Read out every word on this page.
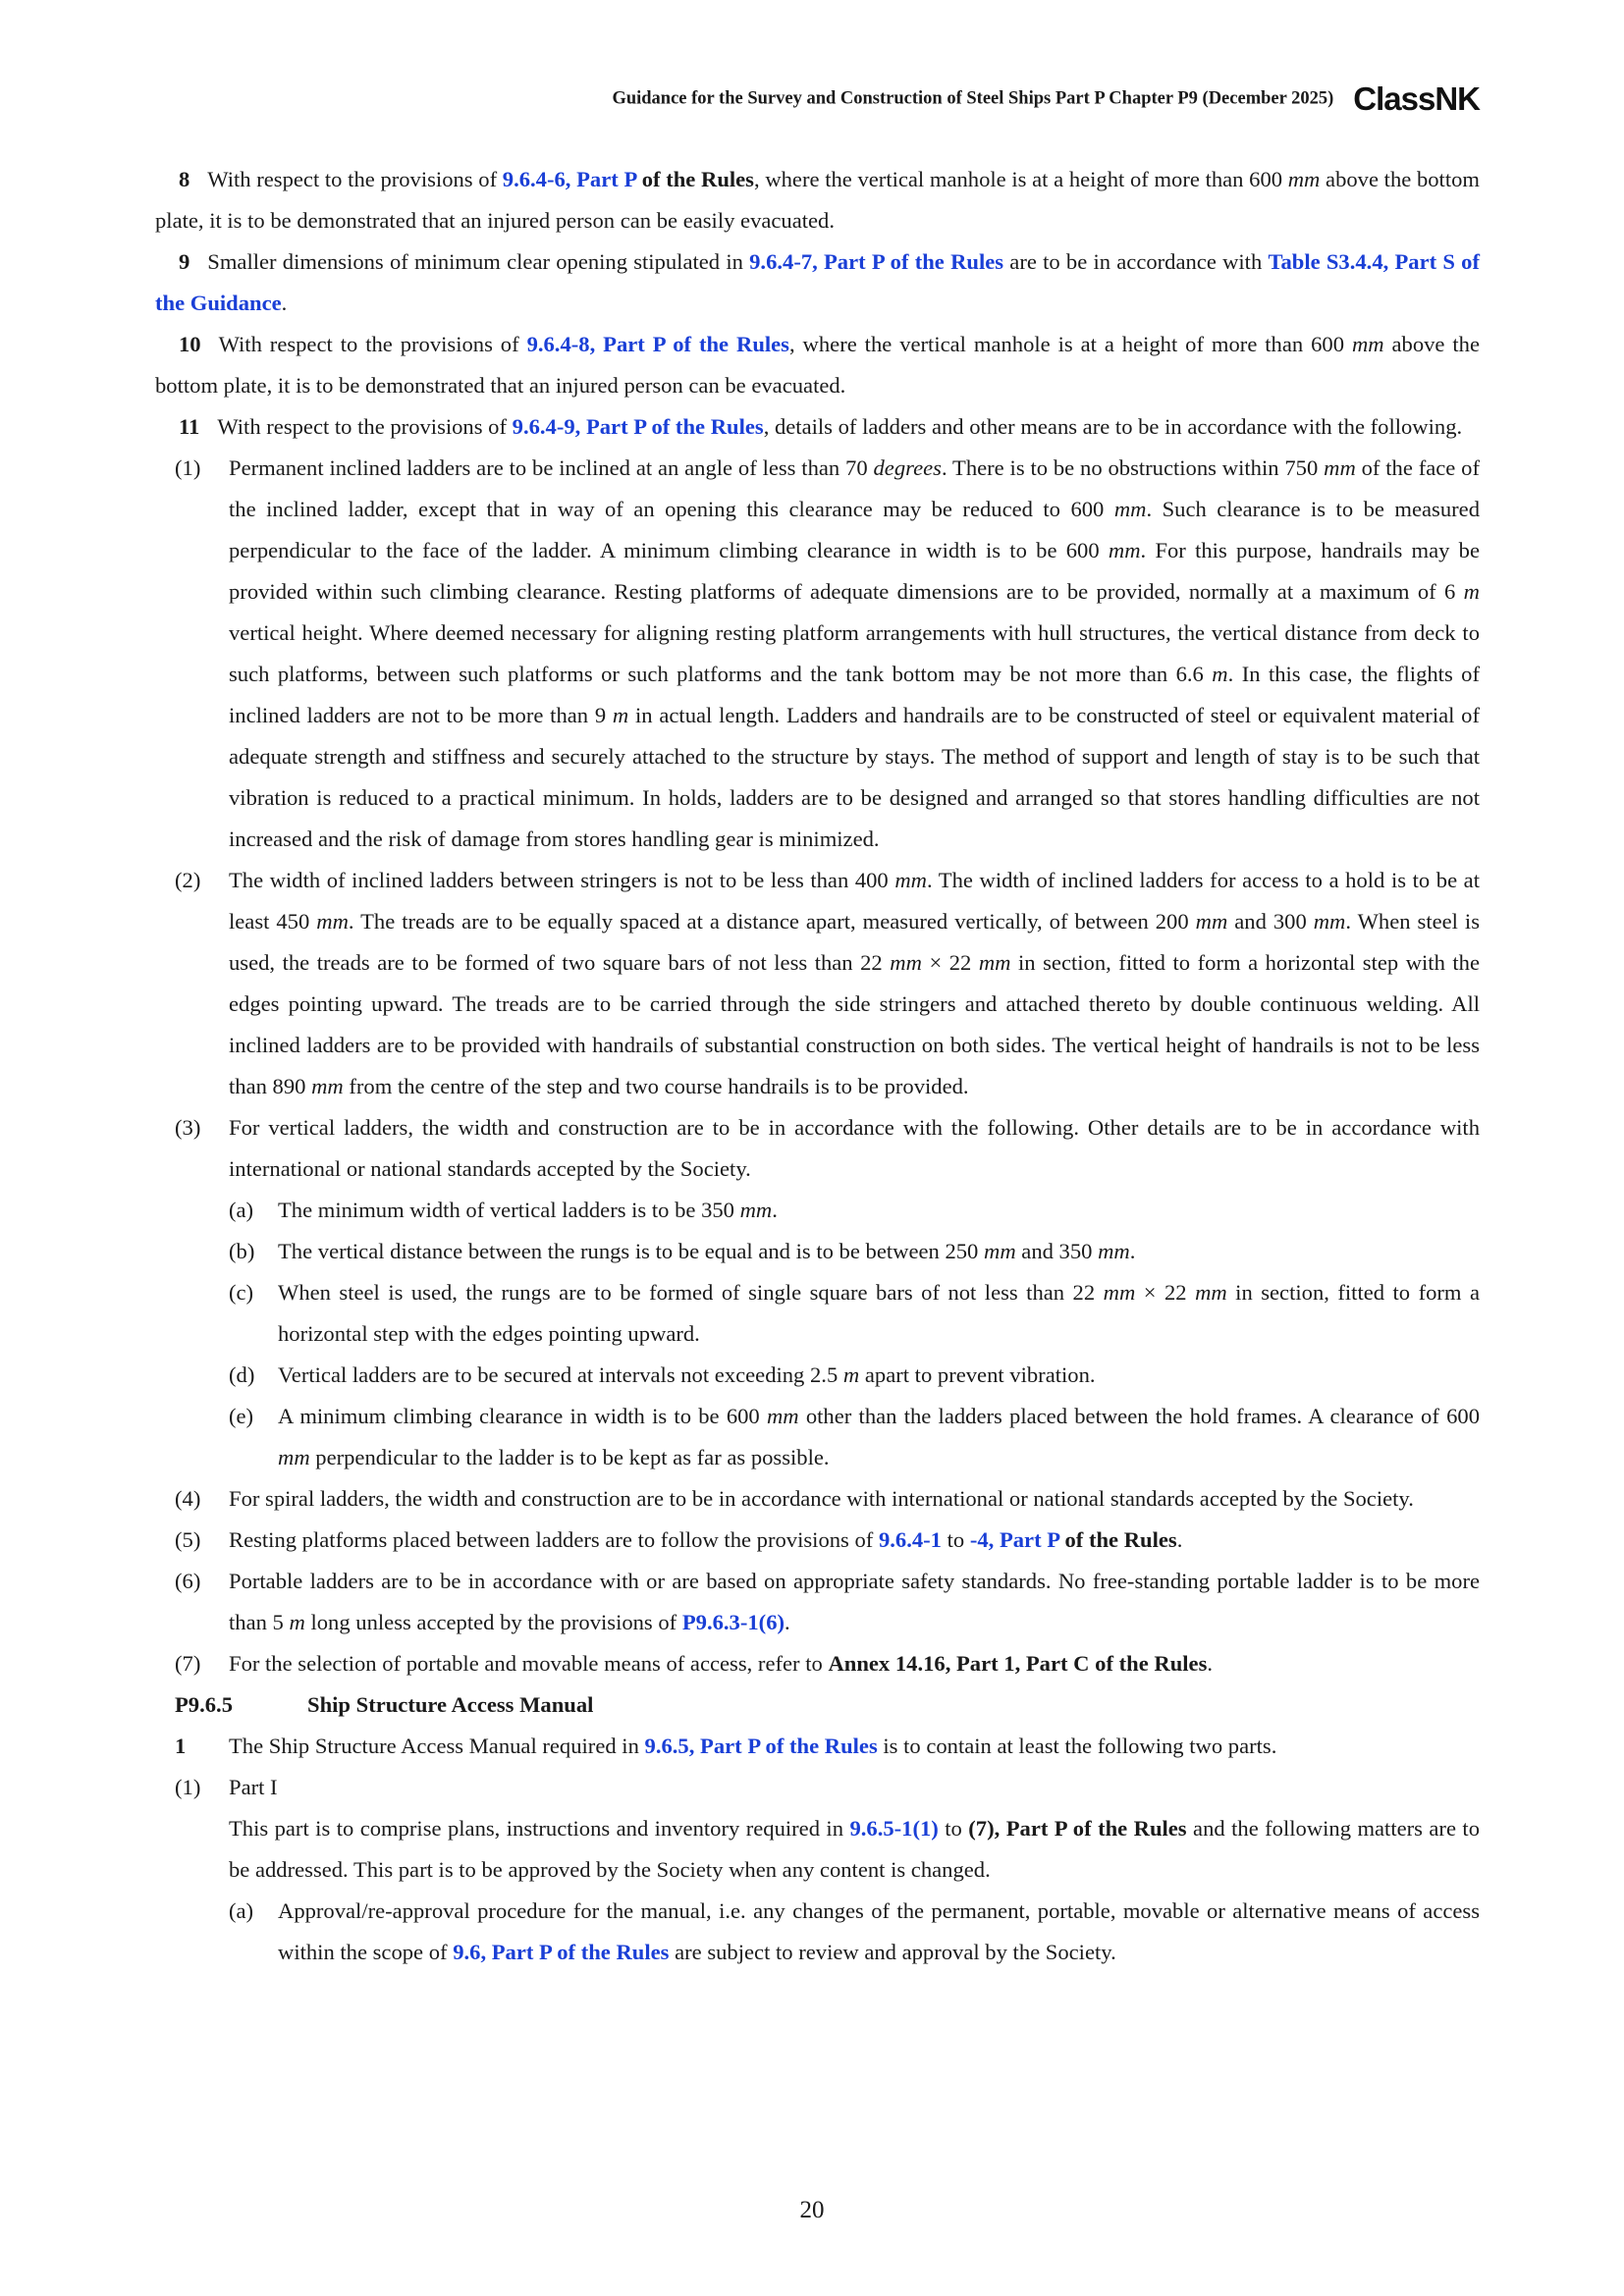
Guidance for the Survey and Construction of Steel Ships Part P Chapter P9 (December 2025) ClassNK

8 With respect to the provisions of 9.6.4-6, Part P of the Rules, where the vertical manhole is at a height of more than 600 mm above the bottom plate, it is to be demonstrated that an injured person can be easily evacuated.

9 Smaller dimensions of minimum clear opening stipulated in 9.6.4-7, Part P of the Rules are to be in accordance with Table S3.4.4, Part S of the Guidance.

10 With respect to the provisions of 9.6.4-8, Part P of the Rules, where the vertical manhole is at a height of more than 600 mm above the bottom plate, it is to be demonstrated that an injured person can be evacuated.

11 With respect to the provisions of 9.6.4-9, Part P of the Rules, details of ladders and other means are to be in accordance with the following.

(1) Permanent inclined ladders are to be inclined at an angle of less than 70 degrees. There is to be no obstructions within 750 mm of the face of the inclined ladder, except that in way of an opening this clearance may be reduced to 600 mm. Such clearance is to be measured perpendicular to the face of the ladder. A minimum climbing clearance in width is to be 600 mm. For this purpose, handrails may be provided within such climbing clearance. Resting platforms of adequate dimensions are to be provided, normally at a maximum of 6 m vertical height. Where deemed necessary for aligning resting platform arrangements with hull structures, the vertical distance from deck to such platforms, between such platforms or such platforms and the tank bottom may be not more than 6.6 m. In this case, the flights of inclined ladders are not to be more than 9 m in actual length. Ladders and handrails are to be constructed of steel or equivalent material of adequate strength and stiffness and securely attached to the structure by stays. The method of support and length of stay is to be such that vibration is reduced to a practical minimum. In holds, ladders are to be designed and arranged so that stores handling difficulties are not increased and the risk of damage from stores handling gear is minimized.

(2) The width of inclined ladders between stringers is not to be less than 400 mm. The width of inclined ladders for access to a hold is to be at least 450 mm. The treads are to be equally spaced at a distance apart, measured vertically, of between 200 mm and 300 mm. When steel is used, the treads are to be formed of two square bars of not less than 22 mm × 22 mm in section, fitted to form a horizontal step with the edges pointing upward. The treads are to be carried through the side stringers and attached thereto by double continuous welding. All inclined ladders are to be provided with handrails of substantial construction on both sides. The vertical height of handrails is not to be less than 890 mm from the centre of the step and two course handrails is to be provided.

(3) For vertical ladders, the width and construction are to be in accordance with the following. Other details are to be in accordance with international or national standards accepted by the Society.

(a) The minimum width of vertical ladders is to be 350 mm.

(b) The vertical distance between the rungs is to be equal and is to be between 250 mm and 350 mm.

(c) When steel is used, the rungs are to be formed of single square bars of not less than 22 mm × 22 mm in section, fitted to form a horizontal step with the edges pointing upward.

(d) Vertical ladders are to be secured at intervals not exceeding 2.5 m apart to prevent vibration.

(e) A minimum climbing clearance in width is to be 600 mm other than the ladders placed between the hold frames. A clearance of 600 mm perpendicular to the ladder is to be kept as far as possible.

(4) For spiral ladders, the width and construction are to be in accordance with international or national standards accepted by the Society.

(5) Resting platforms placed between ladders are to follow the provisions of 9.6.4-1 to -4, Part P of the Rules.

(6) Portable ladders are to be in accordance with or are based on appropriate safety standards. No free-standing portable ladder is to be more than 5 m long unless accepted by the provisions of P9.6.3-1(6).

(7) For the selection of portable and movable means of access, refer to Annex 14.16, Part 1, Part C of the Rules.

P9.6.5	Ship Structure Access Manual

1 The Ship Structure Access Manual required in 9.6.5, Part P of the Rules is to contain at least the following two parts.

(1) Part I

This part is to comprise plans, instructions and inventory required in 9.6.5-1(1) to (7), Part P of the Rules and the following matters are to be addressed. This part is to be approved by the Society when any content is changed.

(a) Approval/re-approval procedure for the manual, i.e. any changes of the permanent, portable, movable or alternative means of access within the scope of 9.6, Part P of the Rules are subject to review and approval by the Society.

20
